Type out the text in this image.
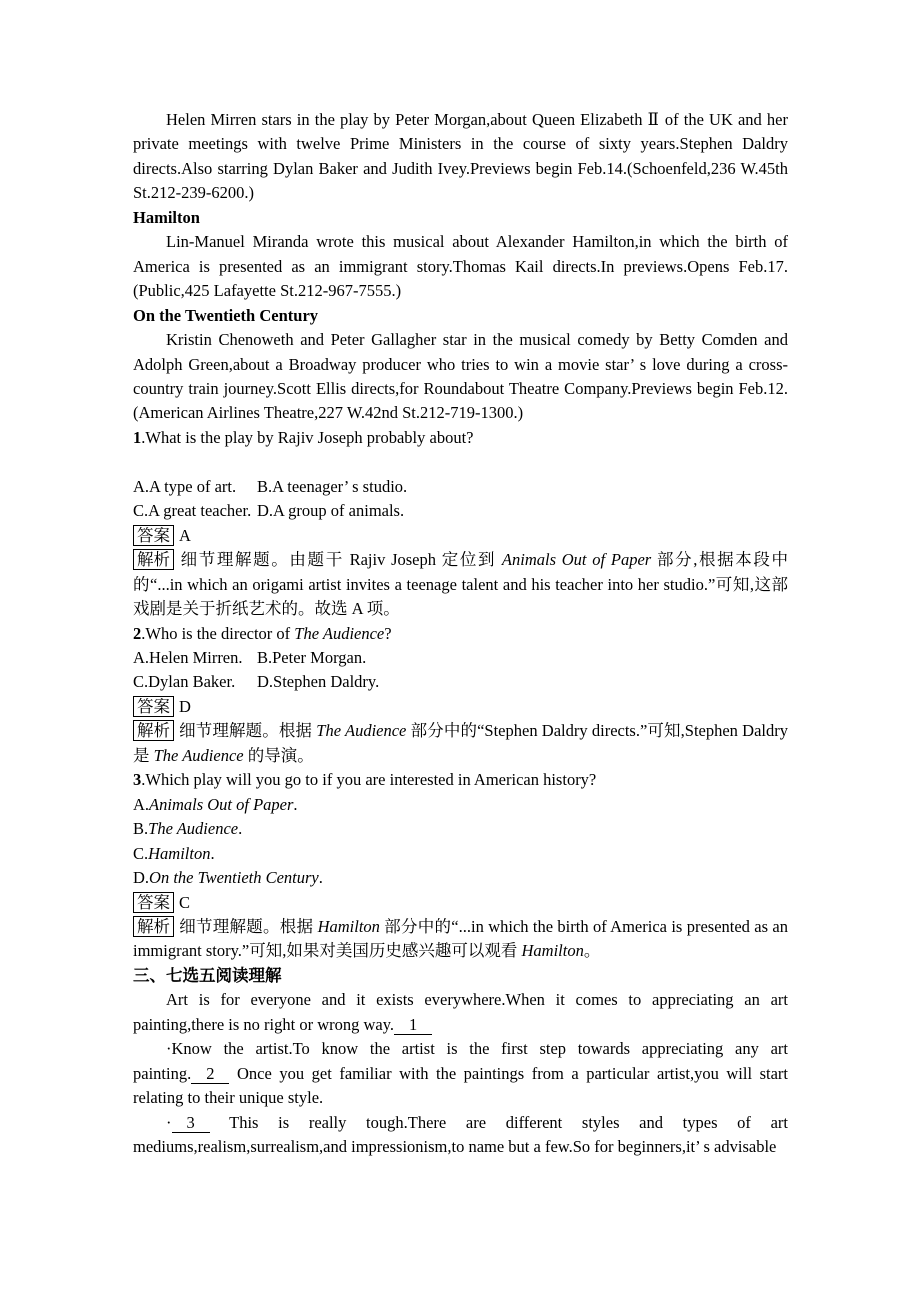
Helen Mirren stars in the play by Peter Morgan,about Queen Elizabeth Ⅱ of the UK and her private meetings with twelve Prime Ministers in the course of sixty years.Stephen Daldry directs.Also starring Dylan Baker and Judith Ivey.Previews begin Feb.14.(Schoenfeld,236 W.45th St.212-239-6200.)

Hamilton

Lin-Manuel Miranda wrote this musical about Alexander Hamilton,in which the birth of America is presented as an immigrant story.Thomas Kail directs.In previews.Opens Feb.17.(Public,425 Lafayette St.212-967-7555.)

On the Twentieth Century

Kristin Chenoweth and Peter Gallagher star in the musical comedy by Betty Comden and Adolph Green,about a Broadway producer who tries to win a movie star’ s love during a cross-country train journey.Scott Ellis directs,for Roundabout Theatre Company.Previews begin Feb.12.(American Airlines Theatre,227 W.42nd St.212-719-1300.)

1.What is the play by Rajiv Joseph probably about?

A.A type of art. B.A teenager’ s studio.

C.A great teacher. D.A group of animals.

答案 A

解析 细节理解题。由题干 Rajiv Joseph 定位到 Animals Out of Paper 部分,根据本段中的“...in which an origami artist invites a teenage talent and his teacher into her studio.”可知,这部戏剧是关于折纸艺术的。故选 A 项。

2.Who is the director of The Audience?

A.Helen Mirren. B.Peter Morgan.

C.Dylan Baker. D.Stephen Daldry.

答案 D

解析 细节理解题。根据 The Audience 部分中的“Stephen Daldry directs.”可知,Stephen Daldry 是 The Audience 的导演。

3.Which play will you go to if you are interested in American history?

A.Animals Out of Paper.

B.The Audience.

C.Hamilton.

D.On the Twentieth Century.

答案 C

解析 细节理解题。根据 Hamilton 部分中的“...in which the birth of America is presented as an immigrant story.”可知,如果对美国历史感兴趣可以观看 Hamilton。

三、七选五阅读理解

Art is for everyone and it exists everywhere.When it comes to appreciating an art painting,there is no right or wrong way. 1

·Know the artist.To know the artist is the first step towards appreciating any art painting. 2 Once you get familiar with the paintings from a particular artist,you will start relating to their unique style.

· 3 This is really tough.There are different styles and types of art mediums,realism,surrealism,and impressionism,to name but a few.So for beginners,it’ s advisable
